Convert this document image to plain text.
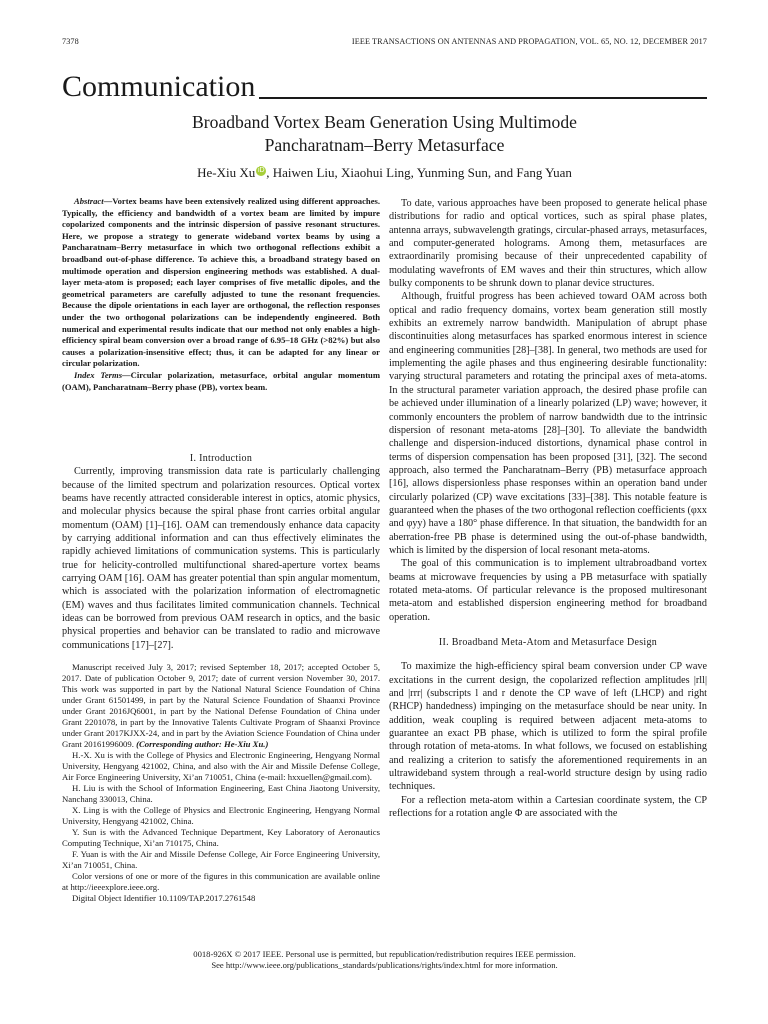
7378	IEEE TRANSACTIONS ON ANTENNAS AND PROPAGATION, VOL. 65, NO. 12, DECEMBER 2017
Communication
Broadband Vortex Beam Generation Using Multimode
Pancharatnam–Berry Metasurface
He-Xiu Xu iD , Haiwen Liu, Xiaohui Ling, Yunming Sun, and Fang Yuan

Abstract—Vortex beams have been extensively realized using different approaches. Typically, the efficiency and bandwidth of a vortex beam are limited by impure copolarized components and the intrinsic dispersion of passive resonant structures. Here, we propose a strategy to generate wideband vortex beams by using a Pancharatnam–Berry metasurface in which two orthogonal reflections exhibit a broadband out-of-phase difference. To achieve this, a broadband strategy based on multimode operation and dispersion engineering methods was established. A dual-layer meta-atom is proposed; each layer comprises of five metallic dipoles, and the geometrical parameters are carefully adjusted to tune the resonant frequencies. Because the dipole orientations in each layer are orthogonal, the reflection responses under the two orthogonal polarizations can be independently engineered. Both numerical and experimental results indicate that our method not only enables a high-efficiency spiral beam conversion over a broad range of 6.95–18 GHz (>82%) but also causes a polarization-insensitive effect; thus, it can be adapted for any linear or circular polarization.

Index Terms—Circular polarization, metasurface, orbital angular momentum (OAM), Pancharatnam–Berry phase (PB), vortex beam.

I. Introduction

Currently, improving transmission data rate is particularly challenging because of the limited spectrum and polarization resources. Optical vortex beams have recently attracted considerable interest in optics, atomic physics, and molecular physics because the spiral phase front carries orbital angular momentum (OAM) [1]–[16]. OAM can tremendously enhance data capacity by carrying additional information and can thus effectively eliminates the rapidly achieved limitations of communication systems. This is particularly true for helicity-controlled multifunctional shared-aperture vortex beams carrying OAM [16]. OAM has greater potential than spin angular momentum, which is associated with the polarization information of electromagnetic (EM) waves and thus facilitates limited communication channels. Technical ideas can be borrowed from previous OAM research in optics, and the basic physical properties and behavior can be translated to radio and microwave communications [17]–[27].

Manuscript received July 3, 2017; revised September 18, 2017; accepted October 5, 2017. Date of publication October 9, 2017; date of current version November 30, 2017. This work was supported in part by the National Natural Science Foundation of China under Grant 61501499, in part by the Natural Science Foundation of Shaanxi Province under Grant 2016JQ6001, in part by the National Defense Foundation of China under Grant 2201078, in part by the Innovative Talents Cultivate Program of Shaanxi Province under Grant 2017KJXX-24, and in part by the Aviation Science Foundation of China under Grant 20161996009. (Corresponding author: He-Xiu Xu.)

H.-X. Xu is with the College of Physics and Electronic Engineering, Hengyang Normal University, Hengyang 421002, China, and also with the Air and Missile Defense College, Air Force Engineering University, Xi’an 710051, China (e-mail: hxxuellen@gmail.com).

H. Liu is with the School of Information Engineering, East China Jiaotong University, Nanchang 330013, China.

X. Ling is with the College of Physics and Electronic Engineering, Hengyang Normal University, Hengyang 421002, China.

Y. Sun is with the Advanced Technique Department, Key Laboratory of Aeronautics Computing Technique, Xi’an 710175, China.

F. Yuan is with the Air and Missile Defense College, Air Force Engineering University, Xi’an 710051, China.

Color versions of one or more of the figures in this communication are available online at http://ieeexplore.ieee.org.

Digital Object Identifier 10.1109/TAP.2017.2761548

To date, various approaches have been proposed to generate helical phase distributions for radio and optical vortices, such as spiral phase plates, antenna arrays, subwavelength gratings, circular-phased arrays, metasurfaces, and computer-generated holograms. Among them, metasurfaces are extraordinarily promising because of their unprecedented capability of modulating wavefronts of EM waves and their thin structures, which allow bulky components to be shrunk down to planar device structures.

Although, fruitful progress has been achieved toward OAM across both optical and radio frequency domains, vortex beam generation still mostly exhibits an extremely narrow bandwidth. Manipulation of abrupt phase discontinuities along metasurfaces has sparked enormous interest in science and engineering communities [28]–[38]. In general, two methods are used for implementing the agile phases and thus engineering desirable functionality: varying structural parameters and rotating the principal axes of meta-atoms. In the structural parameter variation approach, the desired phase profile can be achieved under illumination of a linearly polarized (LP) wave; however, it commonly encounters the problem of narrow bandwidth due to the intrinsic dispersion of resonant meta-atoms [28]–[30]. To alleviate the bandwidth challenge and dispersion-induced distortions, dynamical phase control in terms of dispersion compensation has been proposed [31], [32]. The second approach, also termed the Pancharatnam–Berry (PB) metasurface approach [16], allows dispersionless phase responses within an operation band under circularly polarized (CP) wave excitations [33]–[38]. This notable feature is guaranteed when the phases of the two orthogonal reflection coefficients (φxx and φyy) have a 180° phase difference. In that situation, the bandwidth for an aberration-free PB phase is determined using the out-of-phase bandwidth, which is limited by the dispersion of local resonant meta-atoms.

The goal of this communication is to implement ultrabroadband vortex beams at microwave frequencies by using a PB metasurface with spatially rotated meta-atoms. Of particular relevance is the proposed multiresonant meta-atom and established dispersion engineering method for broadband operation.

II. Broadband Meta-Atom and Metasurface Design

To maximize the high-efficiency spiral beam conversion under CP wave excitations in the current design, the copolarized reflection amplitudes |rll| and |rrr| (subscripts l and r denote the CP wave of left (LHCP) and right (RHCP) handedness) impinging on the metasurface should be near unity. In addition, weak coupling is required between adjacent meta-atoms to guarantee an exact PB phase, which is utilized to form the spiral profile through rotation of meta-atoms. In what follows, we focused on establishing and realizing a criterion to satisfy the aforementioned requirements in an ultrawideband system through a real-world structure design by using radio techniques.

For a reflection meta-atom within a Cartesian coordinate system, the CP reflections for a rotation angle Φ are associated with the

0018-926X © 2017 IEEE. Personal use is permitted, but republication/redistribution requires IEEE permission.
See http://www.ieee.org/publications_standards/publications/rights/index.html for more information.
